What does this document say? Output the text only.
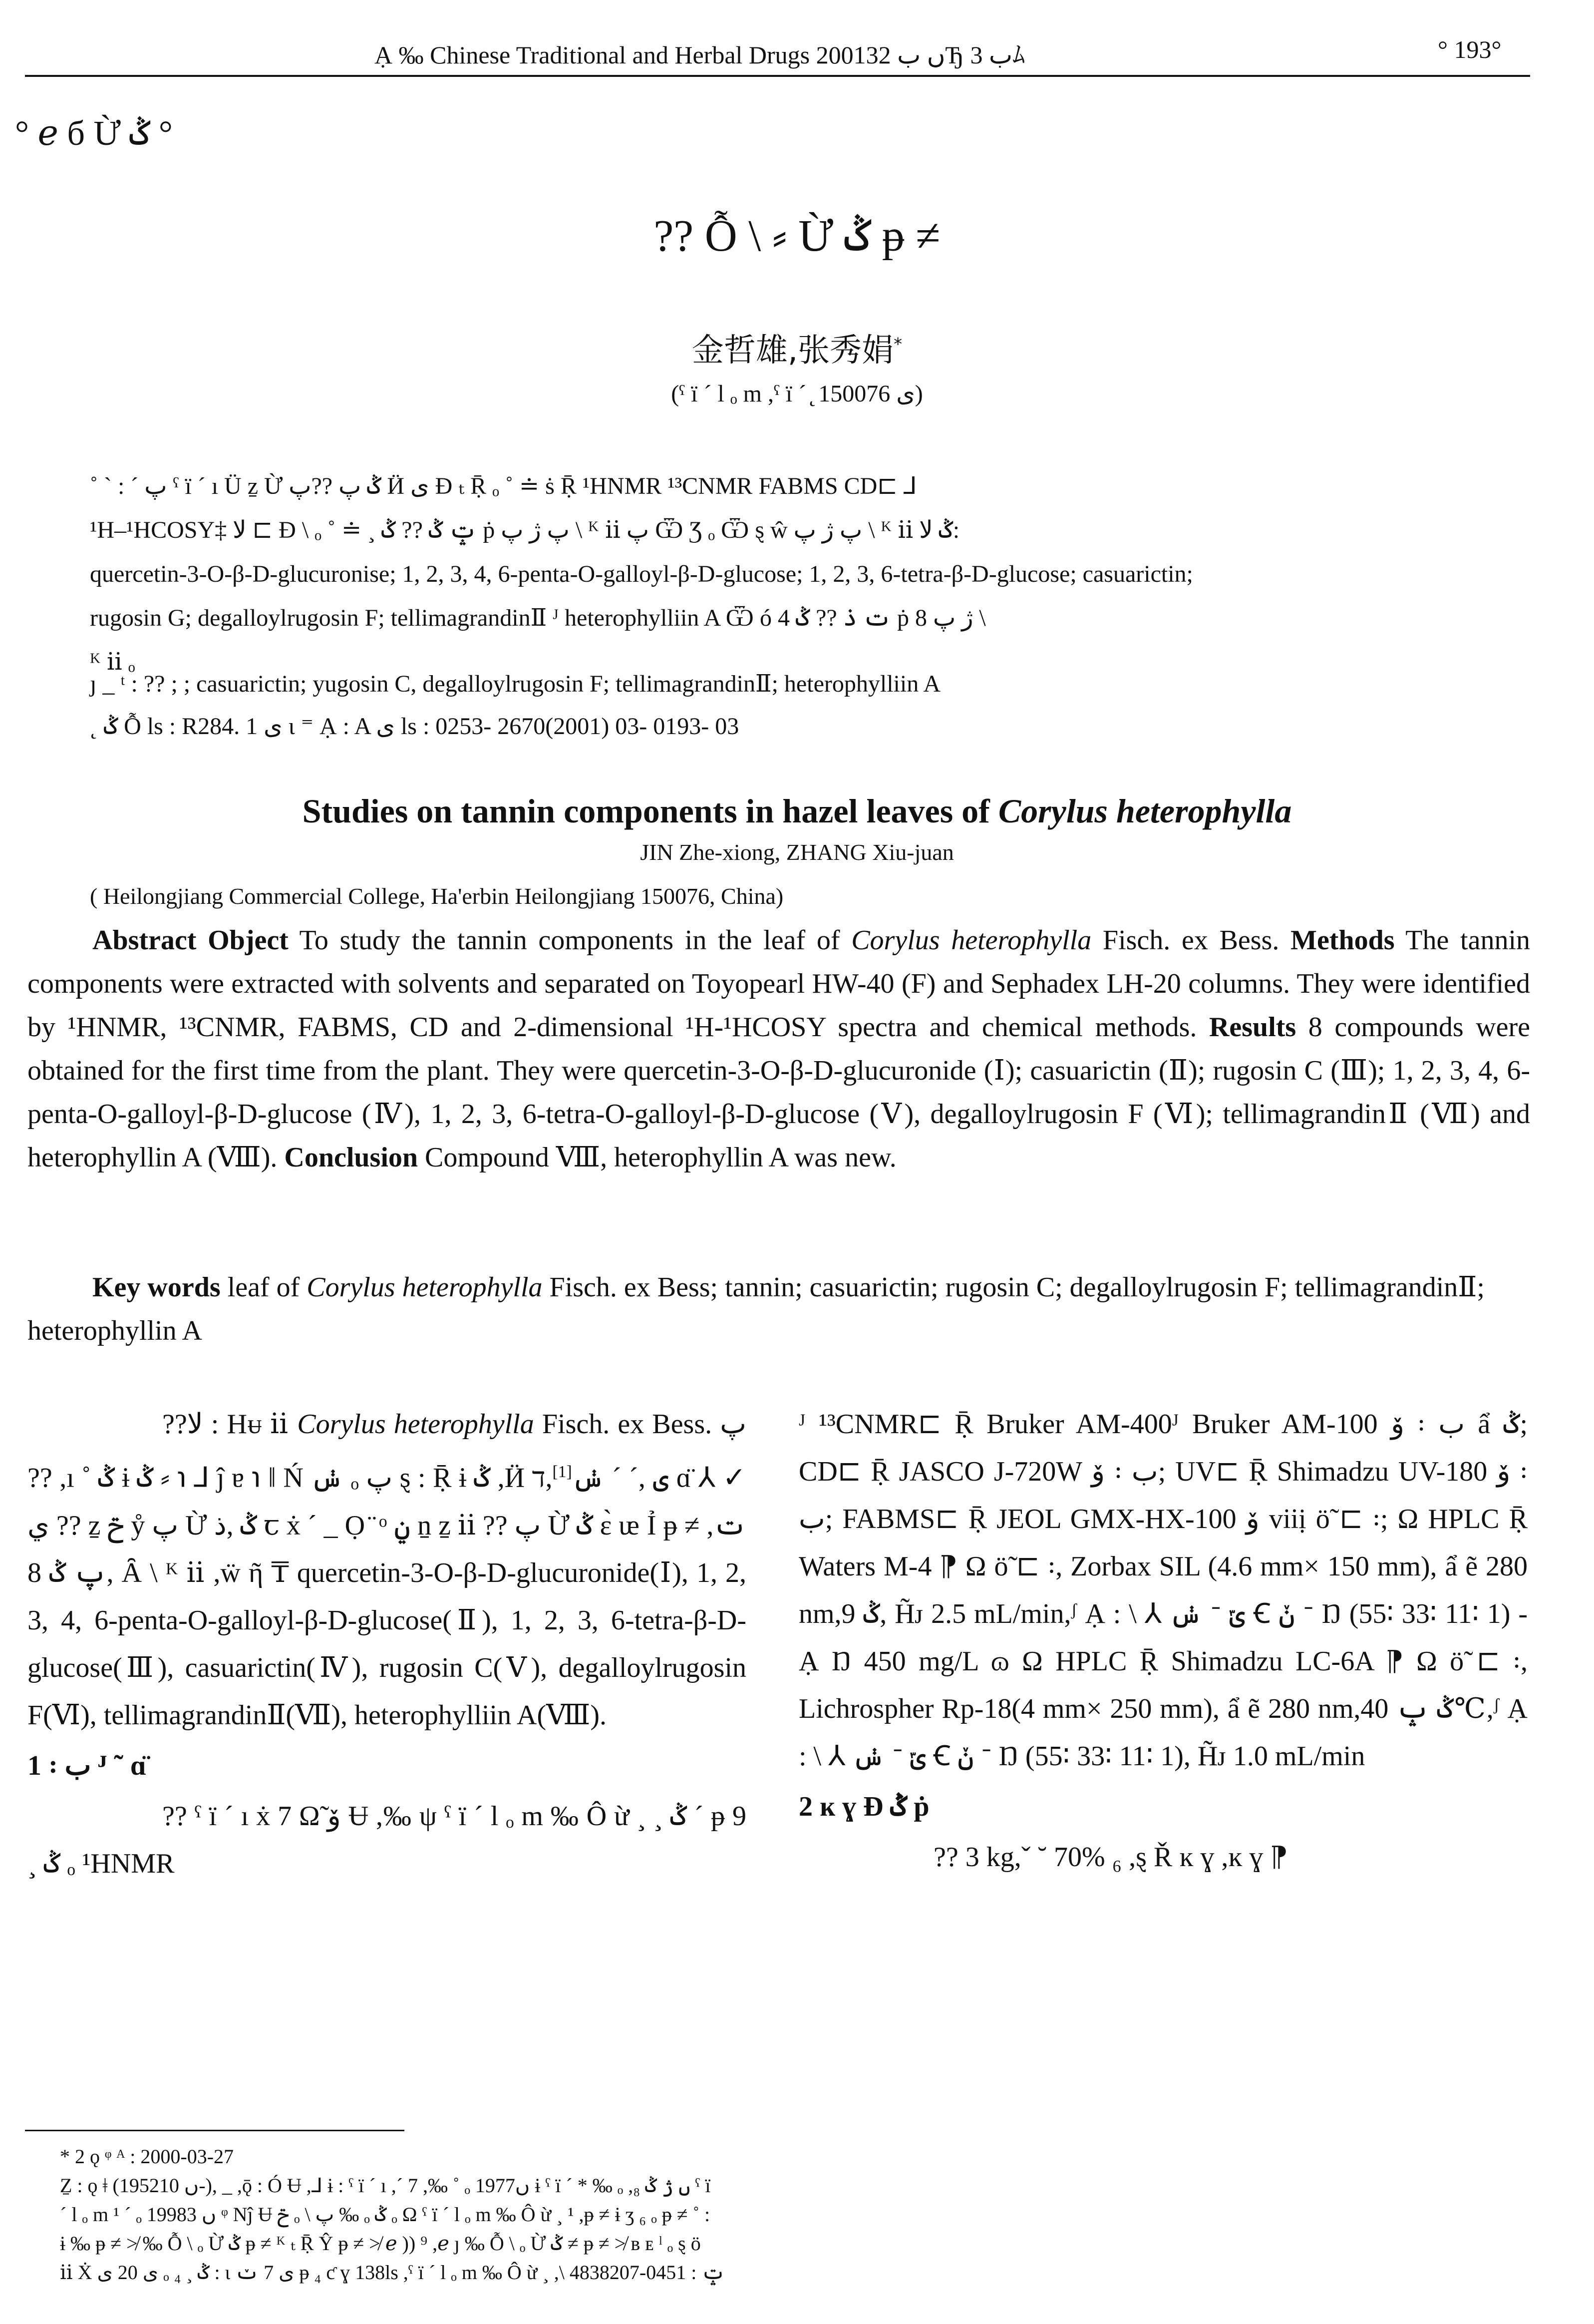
Ạ ‰ Chinese Traditional and Herbal Drugs 2001ں ب 32Ђ ب 3ﾑ	° 193°
° ℯ б Ừ ݣ °
?? Ỗ \ ⸗ Ừ ݣ ᵽ ≠
金哲雄,张秀娟*
(ˁ ï ´ l ₒ m ,ˁ ï ´ ̨ ی 150076)
˚ ` : ˊ پ ˁ ï ´ ı Ü ẕ Ừ ݣ پ ??پ Ӥ ی Ɖ ₜ Ṝ ₒ ˚ ≐ ṡ Ṝ ¹HNMR ¹³CNMR FABMS CD⊏ ⅃
¹H–¹HCOSY‡ ﻻ ⊏ Ɖ \ ₒ ˚ ≐ ¸ ݓ ݣ ?? ݣ ṗ پ ژ پ \ ᴷ ⅱ پ Ѿ Ʒ ₒ Ѿ ȿ ŵ پ ژ پ \ ᴷ ⅱ ݣ ﻻ:
quercetin-3-O-β-D-glucuronise; 1, 2, 3, 4, 6-penta-O-galloyl-β-D-glucose; 1, 2, 3, 6-tetra-β-D-glucose; casuarictin;
rugosin G; degalloylrugosin F; tellimagrandinⅡ ᴶ heterophylliin A Ѿ ó 4 ت ذ ?? ݣ ṗ ژ پ 8 \
ᴷ ⅱ ₒ
ȷ _ ᵗ : ?? ; ; casuarictin; yugosin C, degalloylrugosin F; tellimagrandinⅡ; heterophylliin A
˛ ݣ Ỗ ls : R284. 1 ی ι ⁼ Ạ : A ی ls : 0253- 2670(2001) 03- 0193- 03
Studies on tannin components in hazel leaves of Corylus heterophylla
JIN Zhe-xiong, ZHANG Xiu-juan
( Heilongjiang Commercial College, Ha'erbin Heilongjiang 150076, China)

Abstract Object To study the tannin components in the leaf of Corylus heterophylla Fisch. ex Bess. Methods The tannin components were extracted with solvents and separated on Toyopearl HW-40 (F) and Sephadex LH-20 columns. They were identified by ¹HNMR, ¹³CNMR, FABMS, CD and 2-dimensional ¹H-¹HCOSY spectra and chemical methods. Results 8 compounds were obtained for the first time from the plant. They were quercetin-3-O-β-D-glucuronide (Ⅰ); casuarictin (Ⅱ); rugosin C (Ⅲ); 1, 2, 3, 4, 6-penta-O-galloyl-β-D-glucose (Ⅳ), 1, 2, 3, 6-tetra-O-galloyl-β-D-glucose (Ⅴ), degalloylrugosin F (Ⅵ); tellimagrandinⅡ (Ⅶ) and heterophyllin A (Ⅷ). Conclusion Compound Ⅷ, heterophyllin A was new.

Key words leaf of Corylus heterophylla Fisch. ex Bess; tannin; casuarictin; rugosin C; degalloylrugosin F; tellimagrandinⅡ; heterophyllin A

??ﻻ : Hᵾ ⅱ Corylus heterophylla Fisch. ex Bess. پ ?? ,ı ˚ ݣ ɨ ݣ ⸗ ℩ ⅃ ĵ ɐ ℩ ǁ Ń ݭ ₒ پ ȿ : Ṝ ɨ ݣ ,Ӥ ی ,ˊ ˊ ݭ[1],ד ɑ̈ ⅄ ✓ ي ?? ẕ ݗ ẙ پ Ừ ݣ ,ذ ꞇ ẋ ´ _ Ọ ̈ ᵒ ݧ ṉ ẕ ⅱ ?? پ Ừ ݣ ɛ̀ ᵫ Ỉ ᵽ ≠ ,ت ,پ ݣ 8 Ȃ \ ᴷ ⅱ ,ẅ ῆ ₸ quercetin-3-O-β-D-glucuronide(Ⅰ), 1, 2, 3, 4, 6-penta-O-galloyl-β-D-glucose(Ⅱ), 1, 2, 3, 6-tetra-β-D-glucose(Ⅲ), casuarictin(Ⅳ), rugosin C(Ⅴ), degalloylrugosin F(Ⅵ), tellimagrandinⅡ(Ⅶ), heterophylliin A(Ⅷ).

1 ꞉ ب ᴶ ˜ ɑ̈

?? ˁ ï ´ ı ẋ 7 Ω̃ ۆ Ʉ ,‰ ψ ˁ ï ´ l ₒ m ‰ Ô ừ ¸ ¸ ݣ ´ ᵽ 9 ¸ ݣ ₒ ¹HNMR

ᴶ ¹³CNMR⊏ Ṝ Bruker AM-400ᴶ Bruker AM-100 ۆ ꞉ ب ẩ ݣ; CD⊏ Ṝ JASCO J-720W ۆ ꞉ ب; UV⊏ Ṝ Shimadzu UV-180 ۆ ꞉ ب; FABMS⊏ Ṝ JEOL GMX-HX-100 ۆ viiị ö̃ ⊏ ꞉; Ω HPLC Ṝ Waters M-4 ⁋ Ω ö̃ ⊏ ꞉, Zorbax SIL (4.6 mm× 150 mm), ẩ ẽ 280 nm,9 ݣ, H̃ᴊ 2.5 mL/min,ᶴ Ạ : \ ⅄ ݭ ᐨ ݶ Ꞓ ݩ ᐨ Ŋ (55∶ 33∶ 11∶ 1) - Ạ Ŋ 450 mg/L ɷ Ω HPLC Ṝ Shimadzu LC-6A ⁋ Ω ö̃ ⊏ ꞉, Lichrospher Rp-18(4 mm× 250 mm), ẩ ẽ 280 nm,ݣ ݒ 40℃,ᶴ Ạ : \ ⅄ ݭ ᐨ ݶ Ꞓ ݩ ᐨ Ŋ (55∶ 33∶ 11∶ 1), H̃ᴊ 1.0 mL/min

2 ĸ ɣ Ɖ ݣ ṗ

?? 3 kg,ˇ ˘ 70% ₆ ,ȿ Ř ĸ ɣ ,ĸ ɣ ⁋

* 2 ǫ ᵠ ᴬ : 2000-03-27

Ẕ : ǫ ǂ (1952ں 10-), _ ,ǭ : Ó Ʉ ,⅃ ɨ : ˁ ï ´ ı ,´ 7 ,‰ ˚ ₒ 1977ں ɨ ˁ ï ´ * ‰ ₒ ,₈ ں ژ ݣ ˁ ï

´ l ₒ m ¹ ´ ₒ 1998ں 3 ᵠ Nĵ Ʉ ݗ ₒ \ پ ‰ ₒ ݣ ₒ Ω ˁ ï ´ l ₒ m ‰ Ô ừ ¸ ¹ ,ᵽ ≠ ɨ ʒ ₆ ₒ ᵽ ≠ ˚ :

ɨ ‰ ᵽ ≠ ≯ ‰ Ỗ \ ₒ Ừ ݣ ᵽ ≠ ᴷ ₜ Ṝ Ŷ ᵽ ≠ ≯ ℯ )) ⁹ ,ℯ ȷ ‰ Ỗ \ ₒ Ừ ݣ ≠ ᵽ ≠ ≯ ʙ ᴇ ˡ ₒ ȿ ö

ⅱ Ẋ ی 20 ی ₒ ₄ ¸ ݣ : ι ی 7 ݖ ᵽ ₄ ƈ ɣ 138ls ,ˁ ï ´ l ₒ m ‰ Ô ừ ¸ ,\ ݓ : 0451-4838207
